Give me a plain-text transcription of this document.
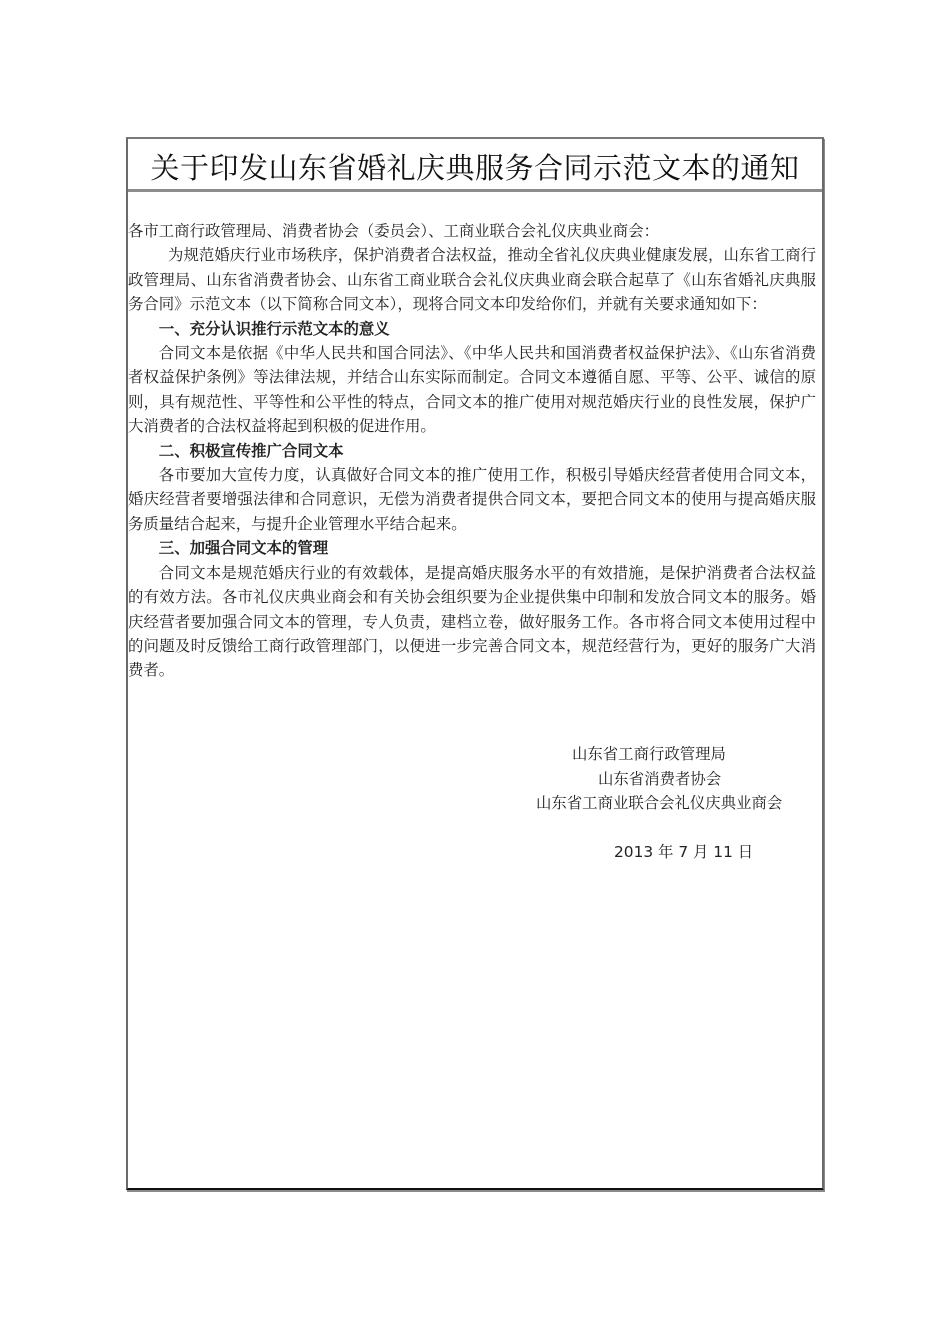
关于印发山东省婚礼庆典服务合同示范文本的通知

各市工商行政管理局、消费者协会（委员会）、工商业联合会礼仪庆典业商会：

为规范婚庆行业市场秩序，保护消费者合法权益，推动全省礼仪庆典业健康发展，山东省工商行政管理局、山东省消费者协会、山东省工商业联合会礼仪庆典业商会联合起草了《山东省婚礼庆典服务合同》示范文本（以下简称合同文本），现将合同文本印发给你们，并就有关要求通知如下：

一、充分认识推行示范文本的意义

合同文本是依据《中华人民共和国合同法》、《中华人民共和国消费者权益保护法》、《山东省消费者权益保护条例》等法律法规，并结合山东实际而制定。合同文本遵循自愿、平等、公平、诚信的原则，具有规范性、平等性和公平性的特点，合同文本的推广使用对规范婚庆行业的良性发展，保护广大消费者的合法权益将起到积极的促进作用。

二、积极宣传推广合同文本

各市要加大宣传力度，认真做好合同文本的推广使用工作，积极引导婚庆经营者使用合同文本，婚庆经营者要增强法律和合同意识，无偿为消费者提供合同文本，要把合同文本的使用与提高婚庆服务质量结合起来，与提升企业管理水平结合起来。

三、加强合同文本的管理

合同文本是规范婚庆行业的有效载体，是提高婚庆服务水平的有效措施，是保护消费者合法权益的有效方法。各市礼仪庆典业商会和有关协会组织要为企业提供集中印制和发放合同文本的服务。婚庆经营者要加强合同文本的管理，专人负责，建档立卷，做好服务工作。各市将合同文本使用过程中的问题及时反馈给工商行政管理部门，以便进一步完善合同文本，规范经营行为，更好的服务广大消费者。

山东省工商行政管理局
山东省消费者协会
山东省工商业联合会礼仪庆典业商会
2013 年 7 月 11 日
